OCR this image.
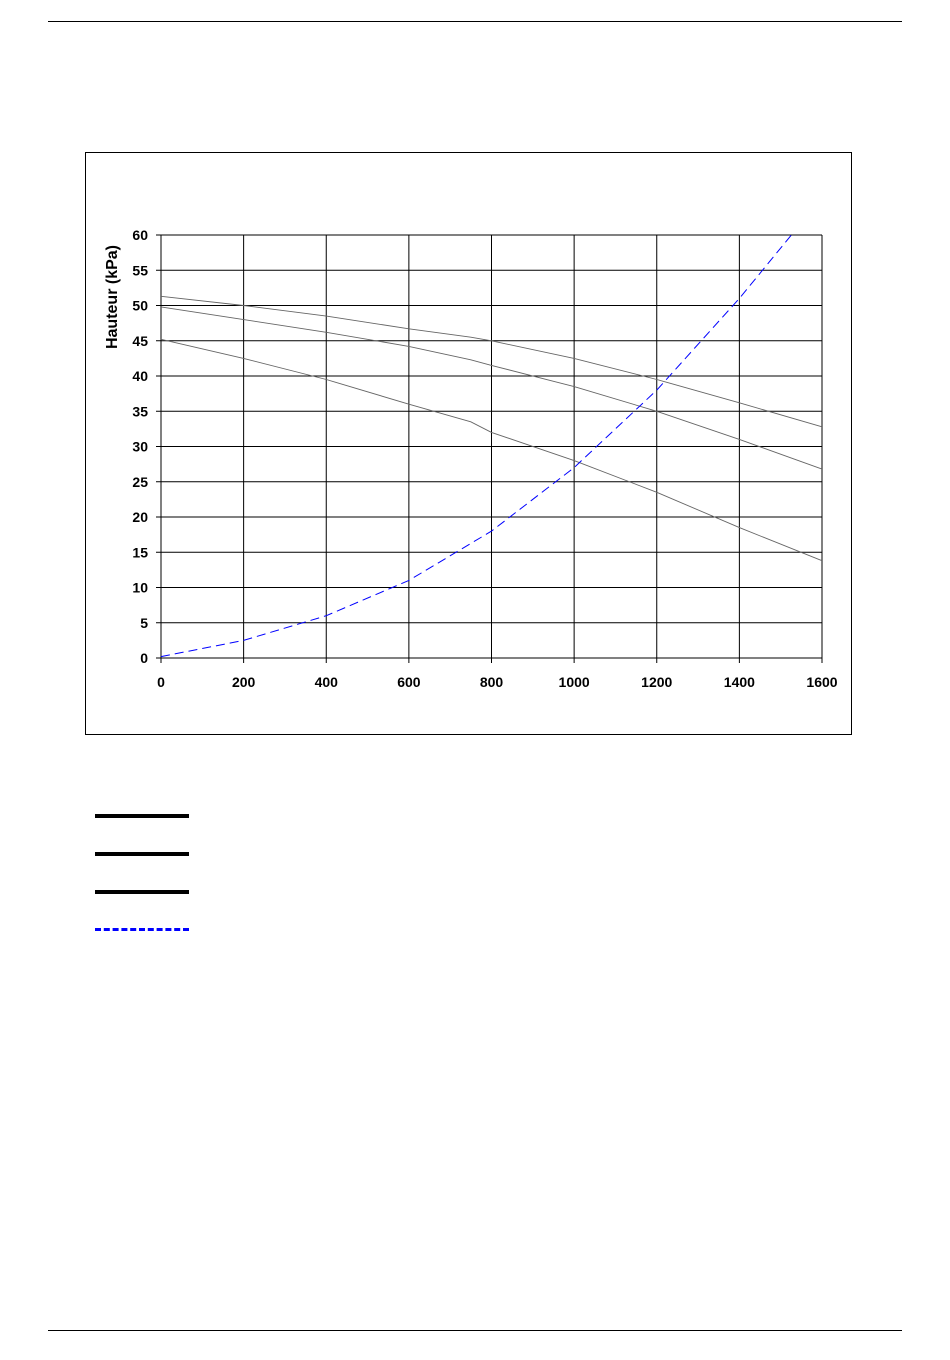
0
5
10
15
20
25
30
35
40
45
50
55
60
0	200	400	600	800	1000	1200	1400	1600
Hauteur (kPa)
